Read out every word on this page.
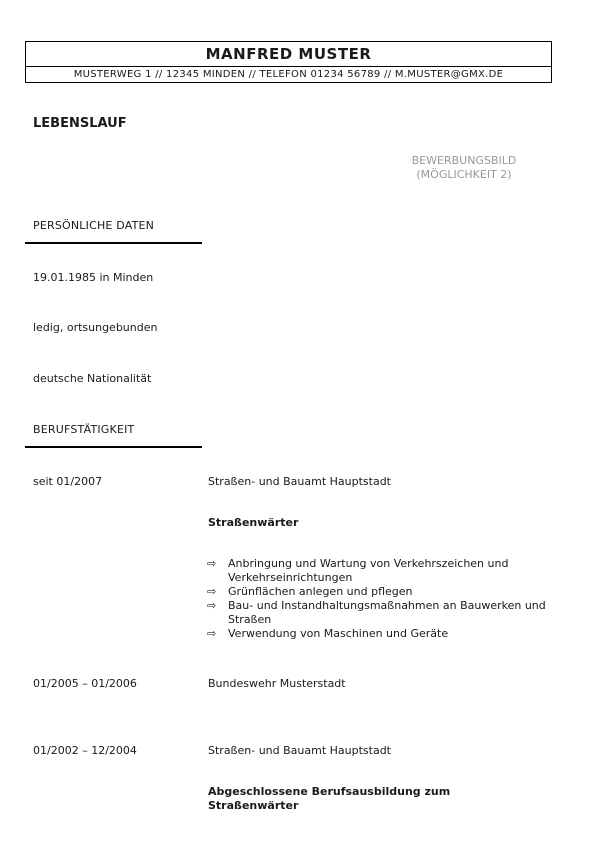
MANFRED MUSTER
MUSTERWEG 1 // 12345 MINDEN // TELEFON 01234 56789 // M.MUSTER@GMX.DE
LEBENSLAUF
BEWERBUNGSBILD
(MÖGLICHKEIT 2)
PERSÖNLICHE DATEN
19.01.1985 in Minden
ledig, ortsungebunden
deutsche Nationalität
BERUFSTÄTIGKEIT
seit 01/2007	Straßen- und Bauamt Hauptstadt
Straßenwärter
⇨ Anbringung und Wartung von Verkehrszeichen und Verkehrseinrichtungen
⇨ Grünflächen anlegen und pflegen
⇨ Bau- und Instandhaltungsmaßnahmen an Bauwerken und Straßen
⇨ Verwendung von Maschinen und Geräte
01/2005 – 01/2006	Bundeswehr Musterstadt
01/2002 – 12/2004	Straßen- und Bauamt Hauptstadt
Abgeschlossene Berufsausbildung zum Straßenwärter
